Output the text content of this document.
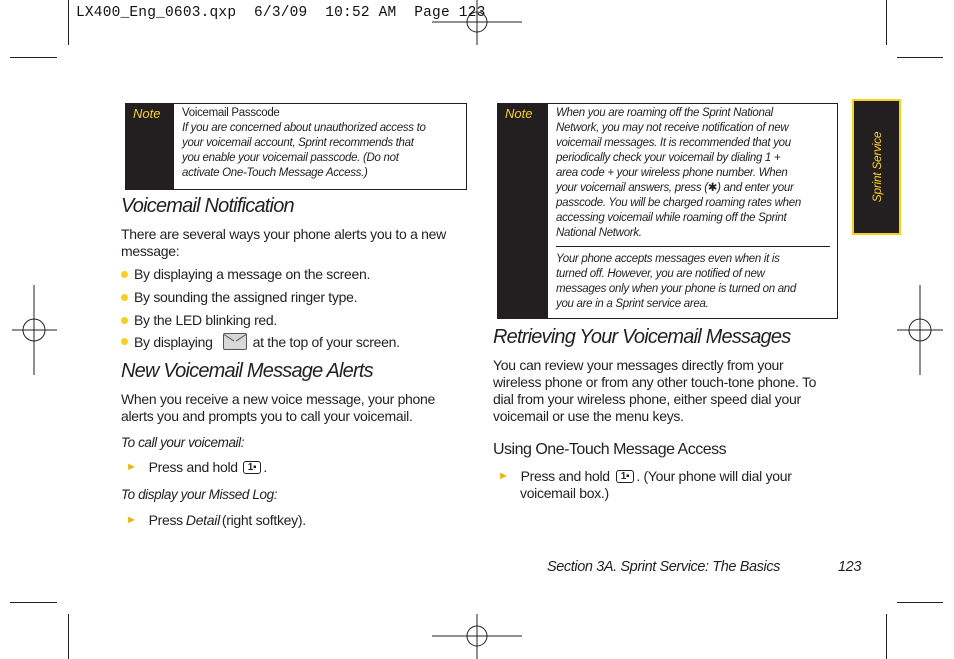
LX400_Eng_0603.qxp  6/3/09  10:52 AM  Page 123
Sprint Service
Note	Voicemail Passcode
If you are concerned about unauthorized access to
your voicemail account, Sprint recommends that
you enable your voicemail passcode. (Do not
activate One-Touch Message Access.)
Voicemail Notification
There are several ways your phone alerts you to a new
message:
By displaying a message on the screen.
By sounding the assigned ringer type.
By the LED blinking red.
By displaying	at the top of your screen.
New Voicemail Message Alerts
When you receive a new voice message, your phone
alerts you and prompts you to call your voicemail.
To call your voicemail:
► Press and hold	1▪ .
To display your Missed Log:
► Press Detail (right softkey).
Note	When you are roaming off the Sprint National
Network, you may not receive notification of new
voicemail messages. It is recommended that you
periodically check your voicemail by dialing 1 +
area code + your wireless phone number. When
your voicemail answers, press (✱) and enter your
passcode. You will be charged roaming rates when
accessing voicemail while roaming off the Sprint
National Network.
Your phone accepts messages even when it is
turned off. However, you are notified of new
messages only when your phone is turned on and
you are in a Sprint service area.
Retrieving Your Voicemail Messages
You can review your messages directly from your
wireless phone or from any other touch-tone phone. To
dial from your wireless phone, either speed dial your
voicemail or use the menu keys.
Using One-Touch Message Access
► Press and hold	1▪ . (Your phone will dial your
voicemail box.)
Section 3A. Sprint Service: The Basics	123
